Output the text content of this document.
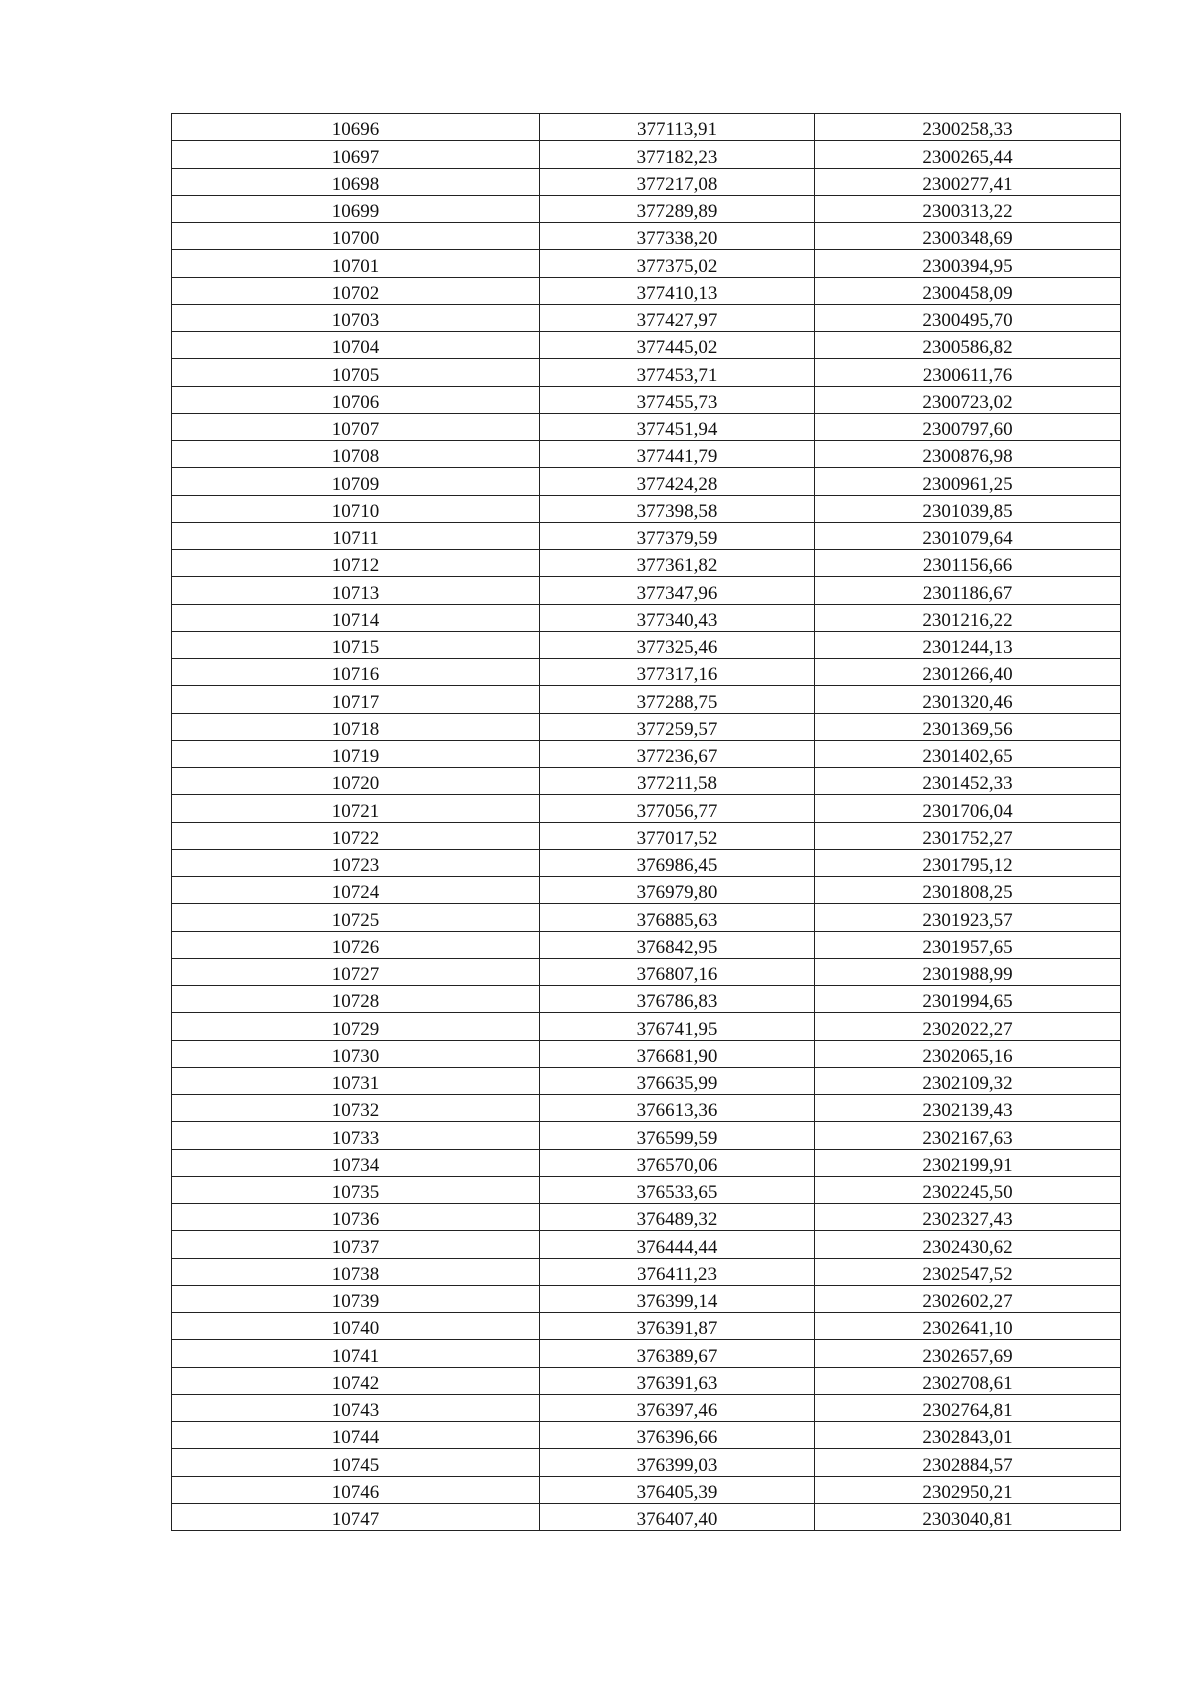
10696	377113,91	2300258,33
10697	377182,23	2300265,44
10698	377217,08	2300277,41
10699	377289,89	2300313,22
10700	377338,20	2300348,69
10701	377375,02	2300394,95
10702	377410,13	2300458,09
10703	377427,97	2300495,70
10704	377445,02	2300586,82
10705	377453,71	2300611,76
10706	377455,73	2300723,02
10707	377451,94	2300797,60
10708	377441,79	2300876,98
10709	377424,28	2300961,25
10710	377398,58	2301039,85
10711	377379,59	2301079,64
10712	377361,82	2301156,66
10713	377347,96	2301186,67
10714	377340,43	2301216,22
10715	377325,46	2301244,13
10716	377317,16	2301266,40
10717	377288,75	2301320,46
10718	377259,57	2301369,56
10719	377236,67	2301402,65
10720	377211,58	2301452,33
10721	377056,77	2301706,04
10722	377017,52	2301752,27
10723	376986,45	2301795,12
10724	376979,80	2301808,25
10725	376885,63	2301923,57
10726	376842,95	2301957,65
10727	376807,16	2301988,99
10728	376786,83	2301994,65
10729	376741,95	2302022,27
10730	376681,90	2302065,16
10731	376635,99	2302109,32
10732	376613,36	2302139,43
10733	376599,59	2302167,63
10734	376570,06	2302199,91
10735	376533,65	2302245,50
10736	376489,32	2302327,43
10737	376444,44	2302430,62
10738	376411,23	2302547,52
10739	376399,14	2302602,27
10740	376391,87	2302641,10
10741	376389,67	2302657,69
10742	376391,63	2302708,61
10743	376397,46	2302764,81
10744	376396,66	2302843,01
10745	376399,03	2302884,57
10746	376405,39	2302950,21
10747	376407,40	2303040,81
